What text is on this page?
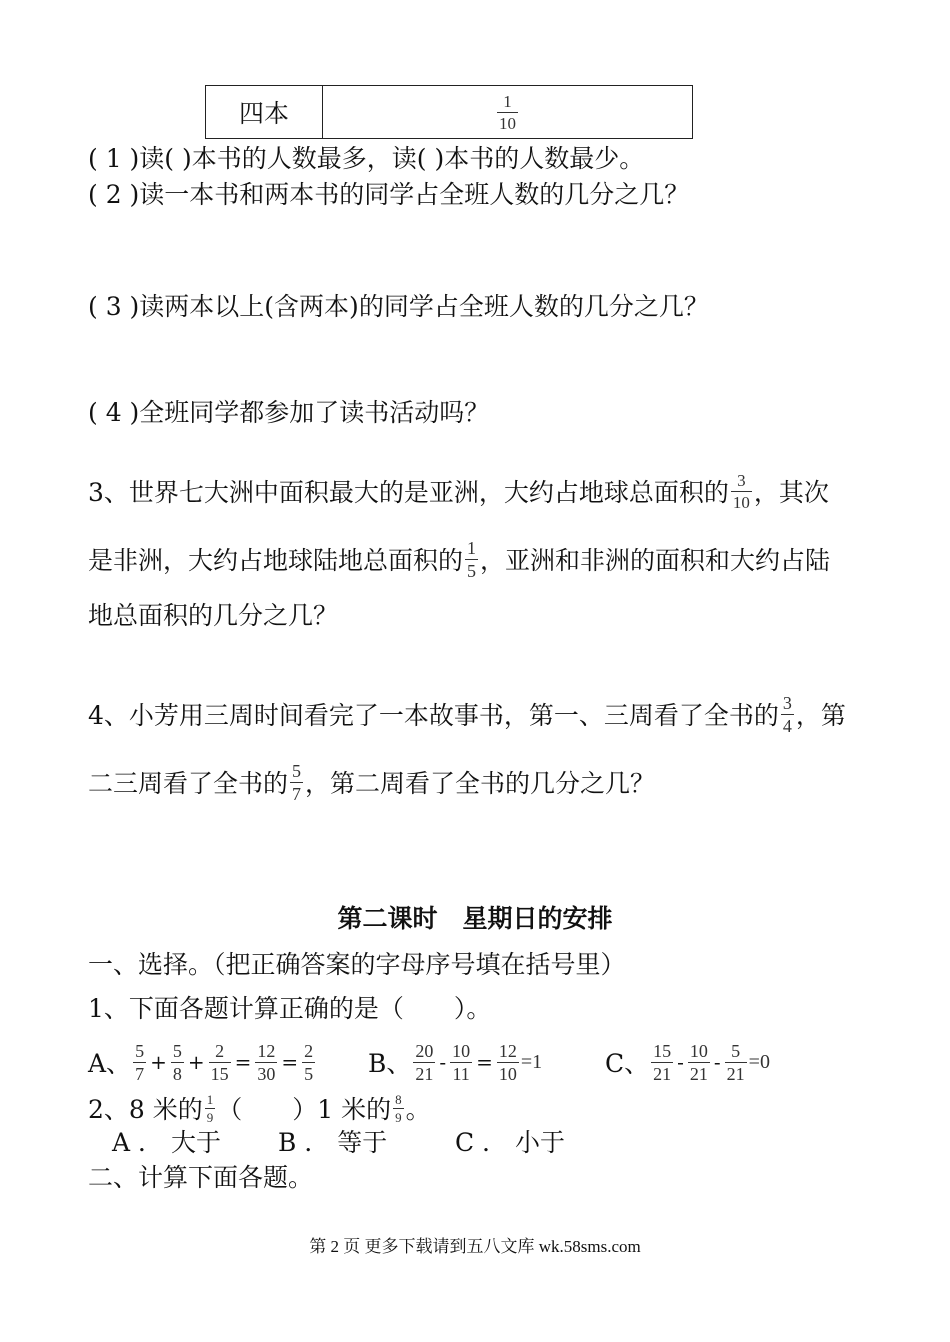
四本	$\frac{1}{10}$
( 1 )读( )本书的人数最多，读( )本书的人数最少。
( 2 )读一本书和两本书的同学占全班人数的几分之几？
( 3 )读两本以上(含两本)的同学占全班人数的几分之几？
( 4 )全班同学都参加了读书活动吗？
3、世界七大洲中面积最大的是亚洲，大约占地球总面积的 $\frac{3}{10}$ ，其次
是非洲，大约占地球陆地总面积的 $\frac{1}{5}$ ，亚洲和非洲的面积和大约占陆
地总面积的几分之几？
4、小芳用三周时间看完了一本故事书，第一、三周看了全书的 $\frac{3}{4}$ ，第
二三周看了全书的 $\frac{5}{7}$ ，第二周看了全书的几分之几？
第二课时　星期日的安排
一、选择。（把正确答案的字母序号填在括号里）
1、下面各题计算正确的是（　　）。
A、 $\frac{5}{7} + \frac{5}{8} + \frac{2}{15} = \frac{12}{30} = \frac{2}{5}$ B、 $\frac{20}{21} - \frac{10}{11} = \frac{12}{10} =1$	C、 $\frac{15}{21} - \frac{10}{21} - \frac{5}{21} =0$
2、8 米的 $\frac{1}{9}$ （　　）1 米的 $\frac{8}{9}$ 。
A ． 大于 B ． 等于	C ． 小于
二、计算下面各题。
第 2 页 更多下载请到五八文库 wk.58sms.com
